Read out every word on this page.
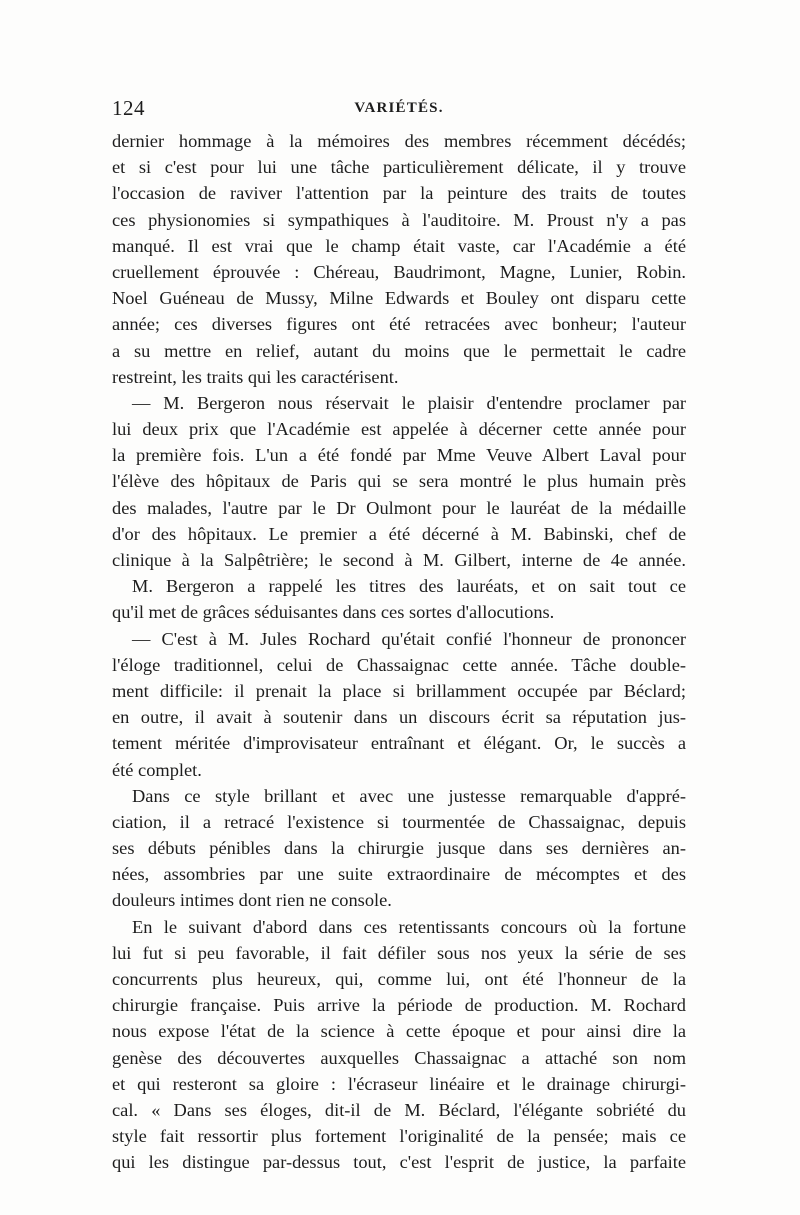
124	VARIÉTÉS.
dernier hommage à la mémoires des membres récemment décédés;
et si c'est pour lui une tâche particulièrement délicate, il y trouve
l'occasion de raviver l'attention par la peinture des traits de toutes
ces physionomies si sympathiques à l'auditoire. M. Proust n'y a pas
manqué. Il est vrai que le champ était vaste, car l'Académie a été
cruellement éprouvée : Chéreau, Baudrimont, Magne, Lunier, Robin.
Noel Guéneau de Mussy, Milne Edwards et Bouley ont disparu cette
année; ces diverses figures ont été retracées avec bonheur; l'auteur
a su mettre en relief, autant du moins que le permettait le cadre
restreint, les traits qui les caractérisent.
— M. Bergeron nous réservait le plaisir d'entendre proclamer par
lui deux prix que l'Académie est appelée à décerner cette année pour
la première fois. L'un a été fondé par Mme Veuve Albert Laval pour
l'élève des hôpitaux de Paris qui se sera montré le plus humain près
des malades, l'autre par le Dr Oulmont pour le lauréat de la médaille
d'or des hôpitaux. Le premier a été décerné à M. Babinski, chef de
clinique à la Salpêtrière; le second à M. Gilbert, interne de 4e année.
M. Bergeron a rappelé les titres des lauréats, et on sait tout ce
qu'il met de grâces séduisantes dans ces sortes d'allocutions.
— C'est à M. Jules Rochard qu'était confié l'honneur de prononcer
l'éloge traditionnel, celui de Chassaignac cette année. Tâche double-
ment difficile: il prenait la place si brillamment occupée par Béclard;
en outre, il avait à soutenir dans un discours écrit sa réputation jus-
tement méritée d'improvisateur entraînant et élégant. Or, le succès a
été complet.
Dans ce style brillant et avec une justesse remarquable d'appré-
ciation, il a retracé l'existence si tourmentée de Chassaignac, depuis
ses débuts pénibles dans la chirurgie jusque dans ses dernières an-
nées, assombries par une suite extraordinaire de mécomptes et des
douleurs intimes dont rien ne console.
En le suivant d'abord dans ces retentissants concours où la fortune
lui fut si peu favorable, il fait défiler sous nos yeux la série de ses
concurrents plus heureux, qui, comme lui, ont été l'honneur de la
chirurgie française. Puis arrive la période de production. M. Rochard
nous expose l'état de la science à cette époque et pour ainsi dire la
genèse des découvertes auxquelles Chassaignac a attaché son nom
et qui resteront sa gloire : l'écraseur linéaire et le drainage chirurgi-
cal. « Dans ses éloges, dit-il de M. Béclard, l'élégante sobriété du
style fait ressortir plus fortement l'originalité de la pensée; mais ce
qui les distingue par-dessus tout, c'est l'esprit de justice, la parfaite
